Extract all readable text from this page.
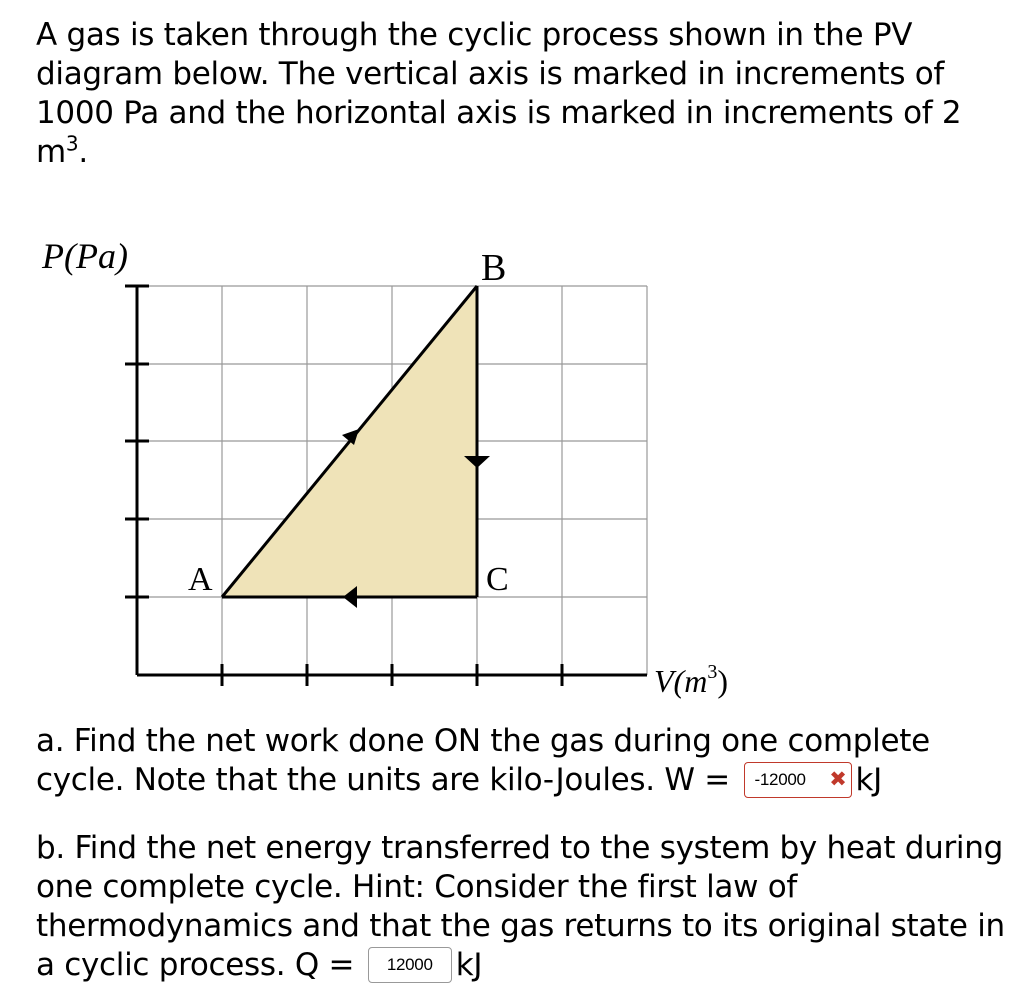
A gas is taken through the cyclic process shown in the PV
diagram below. The vertical axis is marked in increments of
1000 Pa and the horizontal axis is marked in increments of 2 $m^3$.
P(Pa)	B
A	C
$V(m^3)$
a. Find the net work done ON the gas during one complete
cycle. Note that the units are kilo-Joules. W = -12000 ✖ kJ
b. Find the net energy transferred to the system by heat during
one complete cycle. Hint: Consider the first law of
thermodynamics and that the gas returns to its original state in
a cyclic process. Q = 12000 kJ
